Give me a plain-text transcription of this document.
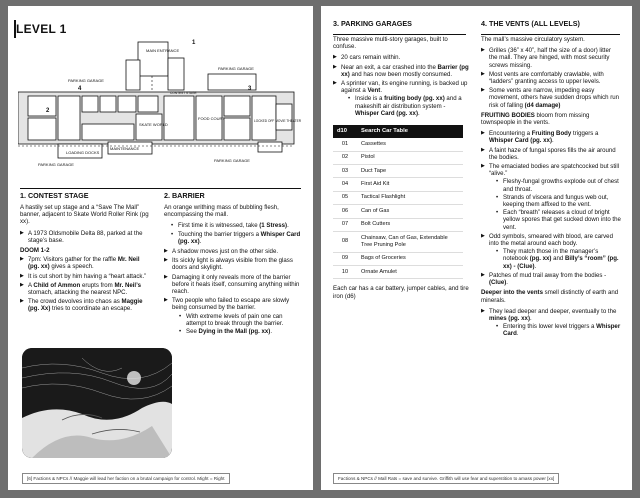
LEVEL 1
MAIN ENTRANCE
PARKING GARAGE
PARKING GARAGE
PARKING GARAGE
PARKING GARAGE
SKATE WORLD
FOOD COURT	LOCKED OFF MOVIE THEATER
MAINTENANCE
LOADING DOCKS
CONTEST STAGE
1
2
3
4
1. CONTEST STAGE

A hastily set up stage and a “Save The Mall” banner, adjacent to Skate World Roller Rink (pg xx).

▶ A 1973 Oldsmobile Delta 88, parked at the stage’s base.
DOOM 1-2
▶ 7pm: Visitors gather for the raffle Mr. Neil (pg. xx) gives a speech.
▶ It is cut short by him having a “heart attack.”
▶ A Child of Ammon erupts from Mr. Neil’s stomach, attacking the nearest NPC.
▶ The crowd devolves into chaos as Maggie (pg. Xx) tries to coordinate an escape.
2. BARRIER

An orange writhing mass of bubbling flesh, encompassing the mall.

• First time it is witnessed, take (1 Stress).
• Touching the barrier triggers a Whisper Card (pg. xx).
▶ A shadow moves just on the other side.
▶ Its sickly light is always visible from the glass doors and skylight.
▶ Damaging it only reveals more of the barrier before it heals itself, consuming anything within reach.
▶ Two people who failed to escape are slowly being consumed by the barrier.
• With extreme levels of pain one can attempt to break through the barrier.
• See Dying in the Mall (pg. xx).
[6] Factions & NPCs // Maggie will lead her faction on a brutal campaign for control. Might = Right
3. PARKING GARAGES

Three massive multi-story garages, built to confuse.

▶ 20 cars remain within.
▶ Near an exit, a car crashed into the Barrier (pg xx) and has now been mostly consumed.
▶ A sprinter van, its engine running, is backed up against a Vent.
• Inside is a fruiting body (pg. xx) and a makeshift air distribution system - Whisper Card (pg. xx).
d10	Search Car Table
01	Cassettes
02	Pistol
03	Duct Tape
04	First Aid Kit
05	Tactical Flashlight
06	Can of Gas
07	Bolt Cutters
08	Chainsaw, Can of Gas, Extendable Tree Pruning Pole
09	Bags of Groceries
10	Ornate Amulet

Each car has a car battery, jumper cables, and tire iron (d6)

4. THE VENTS (ALL LEVELS)

The mall’s massive circulatory system.

▶ Grilles (36” x 40”, half the size of a door) litter the mall. They are hinged, with most security screws missing.
▶ Most vents are comfortably crawlable, with “ladders” granting access to upper levels.
▶ Some vents are narrow, impeding easy movement, others have sudden drops which run risk of falling (d4 damage)

FRUITING BODIES bloom from missing townspeople in the vents.

▶ Encountering a Fruiting Body triggers a Whisper Card (pg. xx).
▶ A faint haze of fungal spores fills the air around the bodies.
▶ The emaciated bodies are spatchcocked but still “alive.”
• Fleshy-fungal growths explode out of chest and throat.
• Strands of viscera and fungus web out, keeping them affixed to the vent.
• Each “breath” releases a cloud of bright yellow spores that get sucked down into the vent.
▶ Odd symbols, smeared with blood, are carved into the metal around each body.
• They match those in the manager’s notebook (pg. xx) and Billy’s “room” (pg. xx) - (Clue).
▶ Patches of mud trail away from the bodies - (Clue).

Deeper into the vents smell distinctly of earth and minerals.

▶ They lead deeper and deeper, eventually to the mines (pg. xx).
• Entering this lower level triggers a Whisper Card.
Factions & NPCs // Mall Rats = save and survive. Griffith will use fear and superstition to amass power [xx]
